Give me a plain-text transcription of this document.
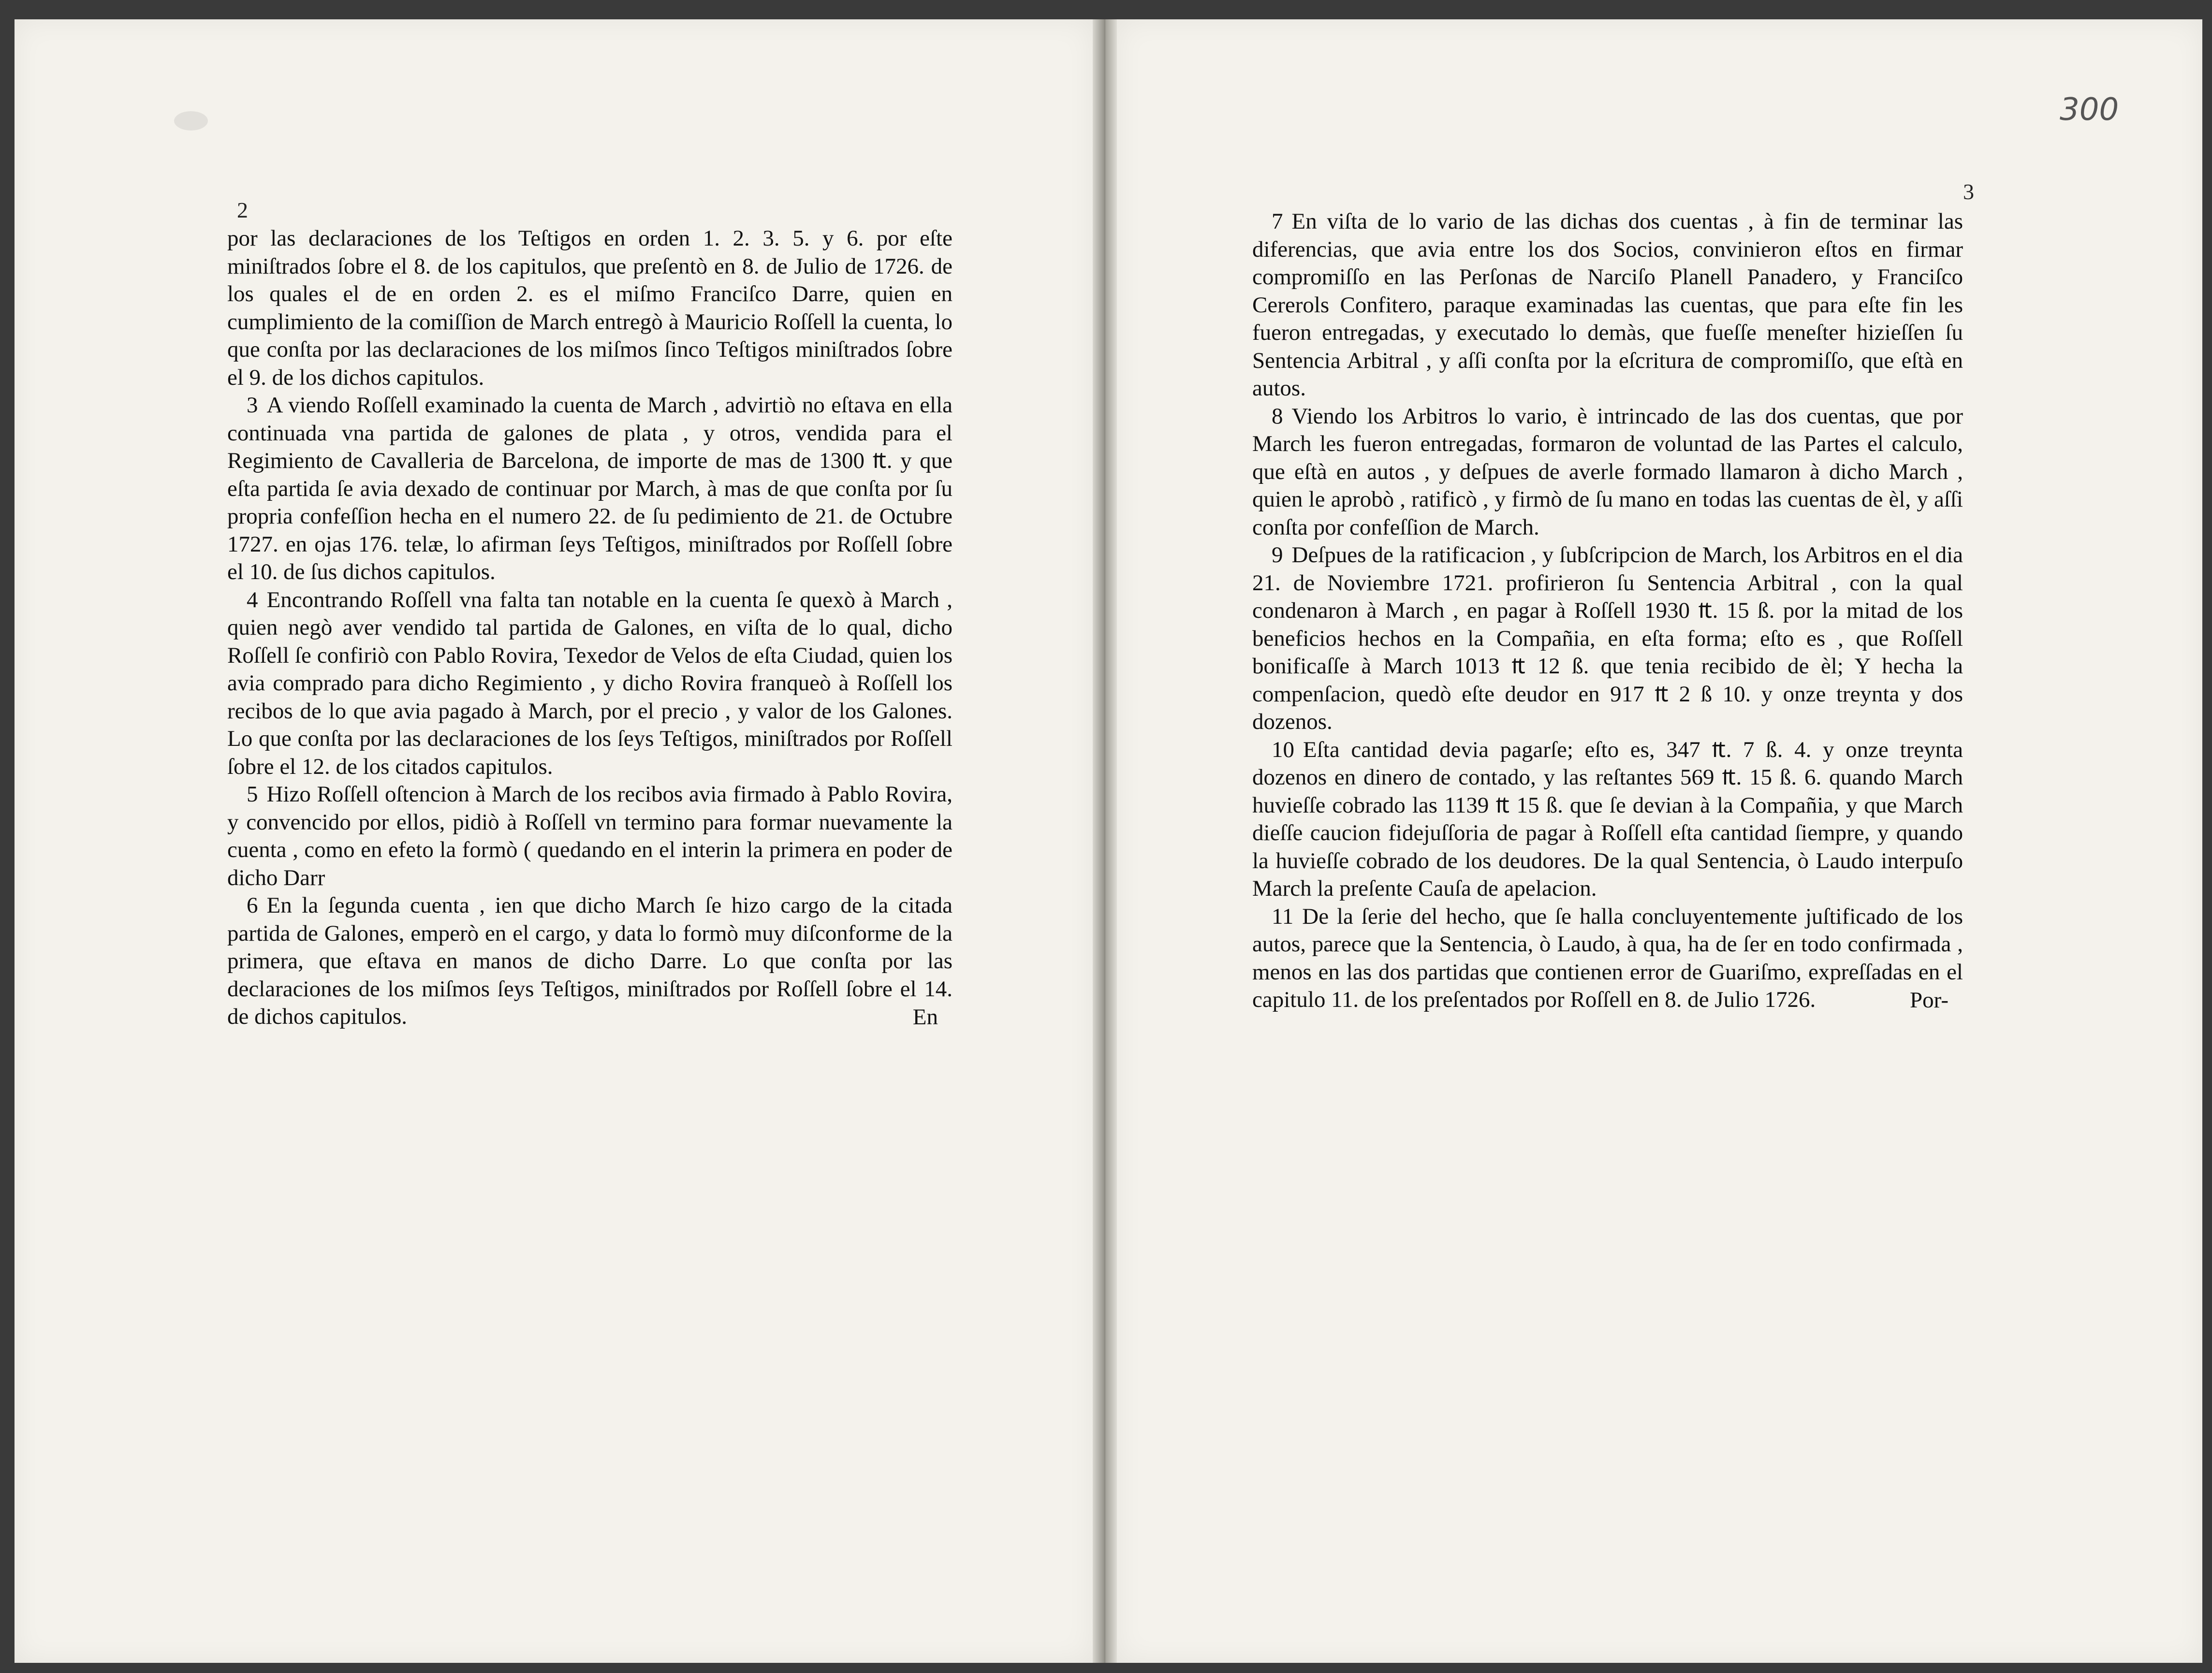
2

por las declaraciones de los Teſtigos en orden 1. 2. 3. 5. y 6. por eſte miniſtrados ſobre el 8. de los capitulos, que preſentò en 8. de Julio de 1726. de los quales el de en orden 2. es el miſmo Franciſco Darre, quien en cumplimiento de la comiſſion de March entregò à Mauricio Roſſell la cuenta, lo que conſta por las declaraciones de los miſmos ſinco Teſtigos miniſtrados ſobre el 9. de los dichos capitulos.

3 A viendo Roſſell examinado la cuenta de March , advirtiò no eſtava en ella continuada vna partida de galones de plata , y otros, vendida para el Regimiento de Cavalleria de Barcelona, de importe de mas de 1300 ₶. y que eſta partida ſe avia dexado de continuar por March, à mas de que conſta por ſu propria confeſſion hecha en el numero 22. de ſu pedimiento de 21. de Octubre 1727. en ojas 176. telæ, lo afirman ſeys Teſtigos, miniſtrados por Roſſell ſobre el 10. de ſus dichos capitulos.

4 Encontrando Roſſell vna falta tan notable en la cuenta ſe quexò à March , quien negò aver vendido tal partida de Galones, en viſta de lo qual, dicho Roſſell ſe confiriò con Pablo Rovira, Texedor de Velos de eſta Ciudad, quien los avia comprado para dicho Regimiento , y dicho Rovira franqueò à Roſſell los recibos de lo que avia pagado à March, por el precio , y valor de los Galones. Lo que conſta por las declaraciones de los ſeys Teſtigos, miniſtrados por Roſſell ſobre el 12. de los citados capitulos.

5 Hizo Roſſell oſtencion à March de los recibos avia firmado à Pablo Rovira, y convencido por ellos, pidiò à Roſſell vn termino para formar nuevamente la cuenta , como en efeto la formò ( quedando en el interin la primera en poder de dicho Darr

6 En la ſegunda cuenta , ien que dicho March ſe hizo cargo de la citada partida de Galones, emperò en el cargo, y data lo formò muy diſconforme de la primera, que eſtava en manos de dicho Darre. Lo que conſta por las declaraciones de los miſmos ſeys Teſtigos, miniſtrados por Roſſell ſobre el 14. de dichos capitulos.	En
300
3

7 En viſta de lo vario de las dichas dos cuentas , à fin de terminar las diferencias, que avia entre los dos Socios, convinieron eſtos en firmar compromiſſo en las Perſonas de Narciſo Planell Panadero, y Franciſco Cererols Confitero, paraque examinadas las cuentas, que para eſte fin les fueron entregadas, y executado lo demàs, que fueſſe meneſter hizieſſen ſu Sentencia Arbitral , y aſſi conſta por la eſcritura de compromiſſo, que eſtà en autos.

8 Viendo los Arbitros lo vario, è intrincado de las dos cuentas, que por March les fueron entregadas, formaron de voluntad de las Partes el calculo, que eſtà en autos , y deſpues de averle formado llamaron à dicho March , quien le aprobò , ratificò , y firmò de ſu mano en todas las cuentas de èl, y aſſi conſta por confeſſion de March.

9 Deſpues de la ratificacion , y ſubſcripcion de March, los Arbitros en el dia 21. de Noviembre 1721. profirieron ſu Sentencia Arbitral , con la qual condenaron à March , en pagar à Roſſell 1930 ₶. 15 ß. por la mitad de los beneficios hechos en la Compañia, en eſta forma; eſto es , que Roſſell bonificaſſe à March 1013 ₶ 12 ß. que tenia recibido de èl; Y hecha la compenſacion, quedò eſte deudor en 917 ₶ 2 ß 10. y onze treynta y dos dozenos.

10 Eſta cantidad devia pagarſe; eſto es, 347 ₶. 7 ß. 4. y onze treynta dozenos en dinero de contado, y las reſtantes 569 ₶. 15 ß. 6. quando March huvieſſe cobrado las 1139 ₶ 15 ß. que ſe devian à la Compañia, y que March dieſſe caucion fidejuſſoria de pagar à Roſſell eſta cantidad ſiempre, y quando la huvieſſe cobrado de los deudores. De la qual Sentencia, ò Laudo interpuſo March la preſente Cauſa de apelacion.

11 De la ſerie del hecho, que ſe halla concluyentemente juſtificado de los autos, parece que la Sentencia, ò Laudo, à qua, ha de ſer en todo confirmada , menos en las dos partidas que contienen error de Guariſmo, expreſſadas en el capitulo 11. de los preſentados por Roſſell en 8. de Julio 1726.	Por-
